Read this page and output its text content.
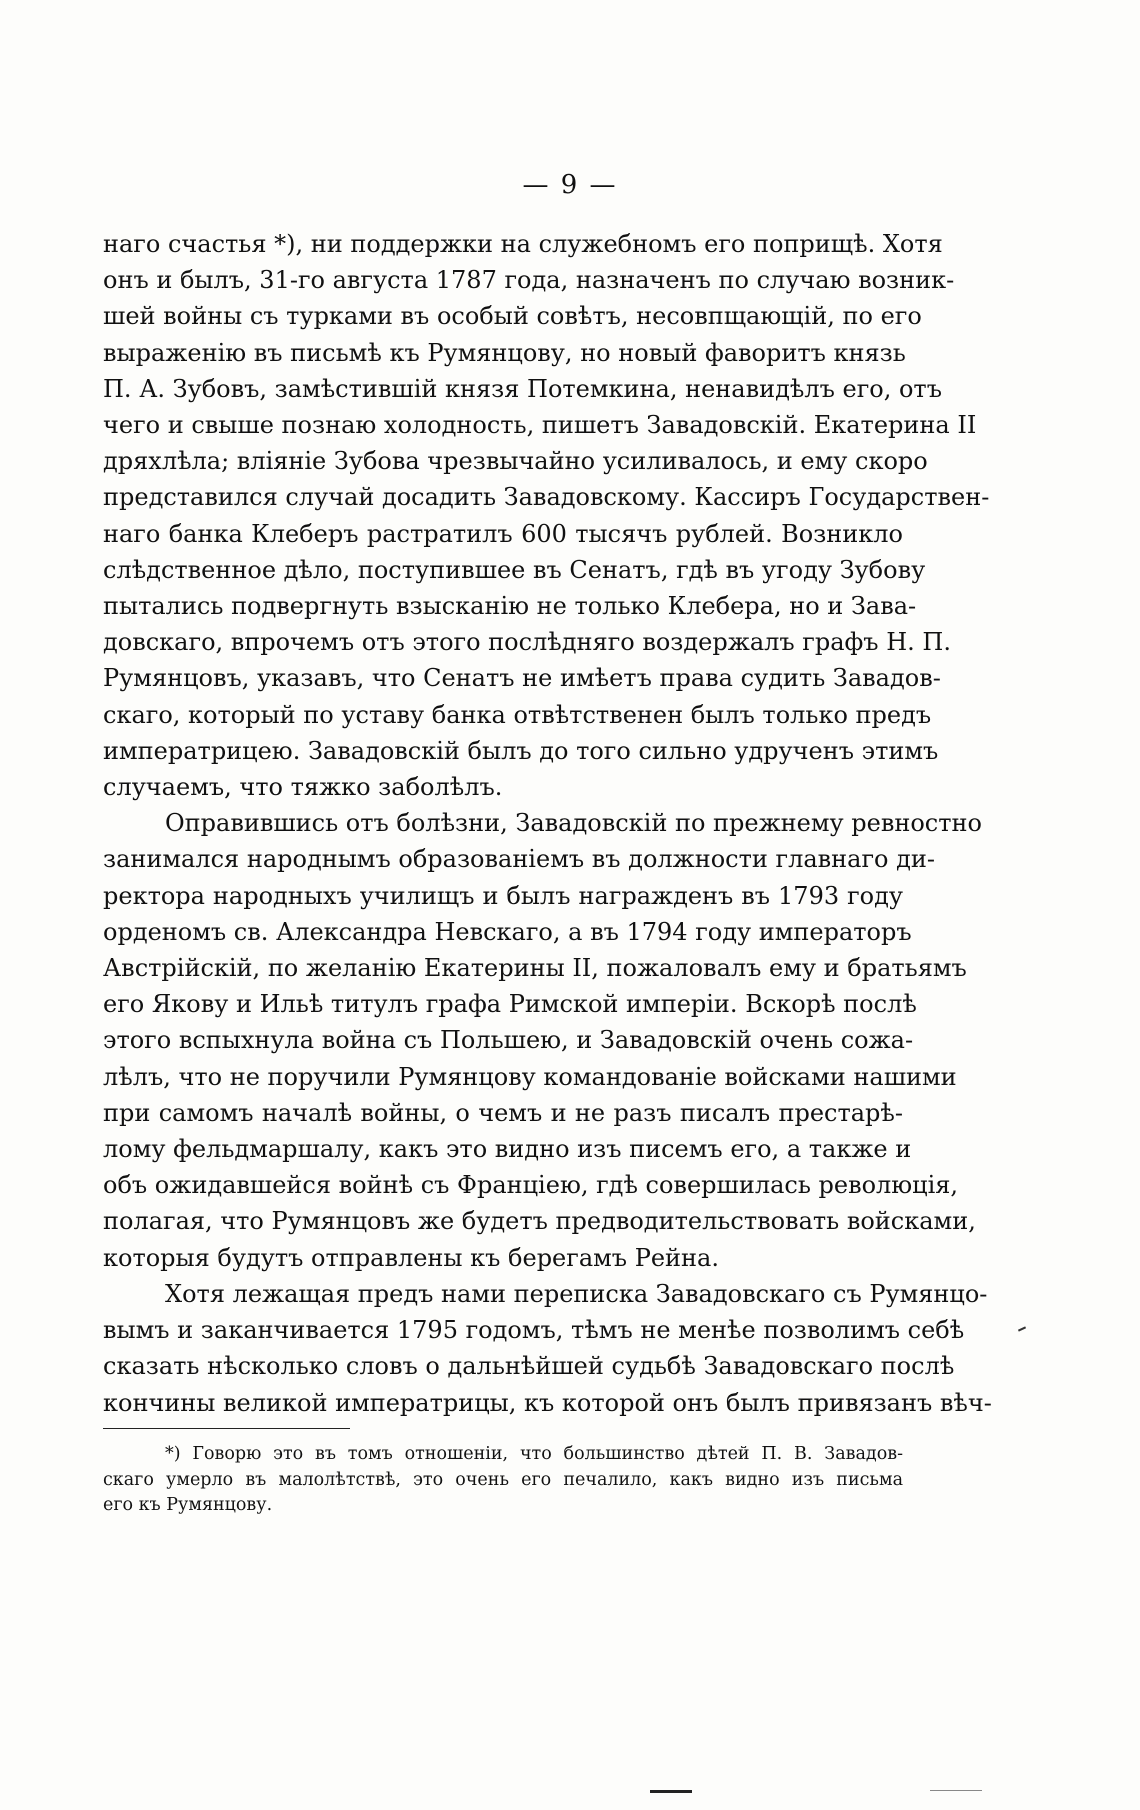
— 9 —
наго счастья *), ни поддержки на служебномъ его поприщѣ. Хотя
онъ и былъ, 31-го августа 1787 года, назначенъ по случаю возник-
шей войны съ турками въ особый совѣтъ, несовпщающій, по его
выраженію въ письмѣ къ Румянцову, но новый фаворитъ князь
П. А. Зубовъ, замѣстившій князя Потемкина, ненавидѣлъ его, отъ
чего и свыше познаю холодность, пишетъ Завадовскій. Екатерина II
дряхлѣла; вліяніе Зубова чрезвычайно усиливалось, и ему скоро
представился случай досадить Завадовскому. Кассиръ Государствен-
наго банка Клеберъ растратилъ 600 тысячъ рублей. Возникло
слѣдственное дѣло, поступившее въ Сенатъ, гдѣ въ угоду Зубову
пытались подвергнуть взысканію не только Клебера, но и Зава-
довскаго, впрочемъ отъ этого послѣдняго воздержалъ графъ Н. П.
Румянцовъ, указавъ, что Сенатъ не имѣетъ права судить Завадов-
скаго, который по уставу банка отвѣтственен былъ только предъ
императрицею. Завадовскій былъ до того сильно удрученъ этимъ
случаемъ, что тяжко заболѣлъ.
Оправившись отъ болѣзни, Завадовскій по прежнему ревностно
занимался народнымъ образованіемъ въ должности главнаго ди-
ректора народныхъ училищъ и былъ награжденъ въ 1793 году
орденомъ св. Александра Невскаго, а въ 1794 году императоръ
Австрійскій, по желанію Екатерины II, пожаловалъ ему и братьямъ
его Якову и Ильѣ титулъ графа Римской имперіи. Вскорѣ послѣ
этого вспыхнула война съ Польшею, и Завадовскій очень сожа-
лѣлъ, что не поручили Румянцову командованіе войсками нашими
при самомъ началѣ войны, о чемъ и не разъ писалъ престарѣ-
лому фельдмаршалу, какъ это видно изъ писемъ его, а также и
объ ожидавшейся войнѣ съ Франціею, гдѣ совершилась революція,
полагая, что Румянцовъ же будетъ предводительствовать войсками,
которыя будутъ отправлены къ берегамъ Рейна.
Хотя лежащая предъ нами переписка Завадовскаго съ Румянцо-
вымъ и заканчивается 1795 годомъ, тѣмъ не менѣе позволимъ себѣ
сказать нѣсколько словъ о дальнѣйшей судьбѣ Завадовскаго послѣ
кончины великой императрицы, къ которой онъ былъ привязанъ вѣч-
*) Говорю это въ томъ отношеніи, что большинство дѣтей П. В. Завадов-
скаго умерло въ малолѣтствѣ, это очень его печалило, какъ видно изъ письма
его къ Румянцову.
